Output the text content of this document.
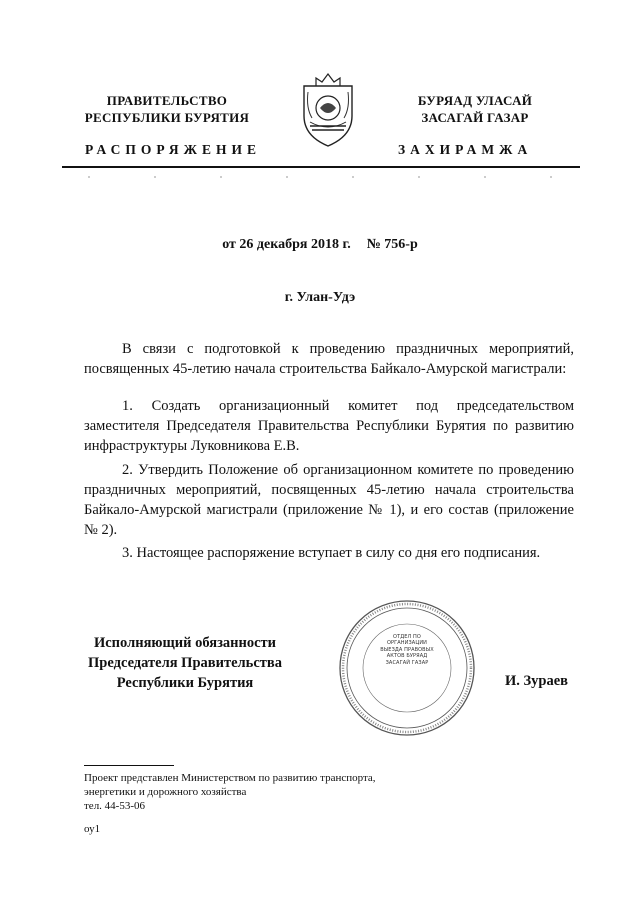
ПРАВИТЕЛЬСТВО
РЕСПУБЛИКИ БУРЯТИЯ
БУРЯАД УЛАСАЙ
ЗАСАГАЙ ГАЗАР
РАСПОРЯЖЕНИЕ	ЗАХИРАМЖА
от 26 декабря 2018 г. № 756-р
г. Улан-Удэ

В связи с подготовкой к проведению праздничных мероприятий, посвященных 45-летию начала строительства Байкало-Амурской магистрали:

1. Создать организационный комитет под председательством заместителя Председателя Правительства Республики Бурятия по развитию инфраструктуры Луковникова Е.В.

2. Утвердить Положение об организационном комитете по проведению праздничных мероприятий, посвященных 45-летию начала строительства Байкало-Амурской магистрали (приложение № 1), и его состав (приложение № 2).

3. Настоящее распоряжение вступает в силу со дня его подписания.

Исполняющий обязанности
Председателя Правительства
Республики Бурятия
ОТДЕЛ ПО ОРГАНИЗАЦИИ ВЫЕЗДА ПРАВОВЫХ АКТОВ БУРЯАД ЗАСАГАЙ ГАЗАР
И. Зураев
Проект представлен Министерством по развитию транспорта,
энергетики и дорожного хозяйства
тел. 44-53-06
оу1
